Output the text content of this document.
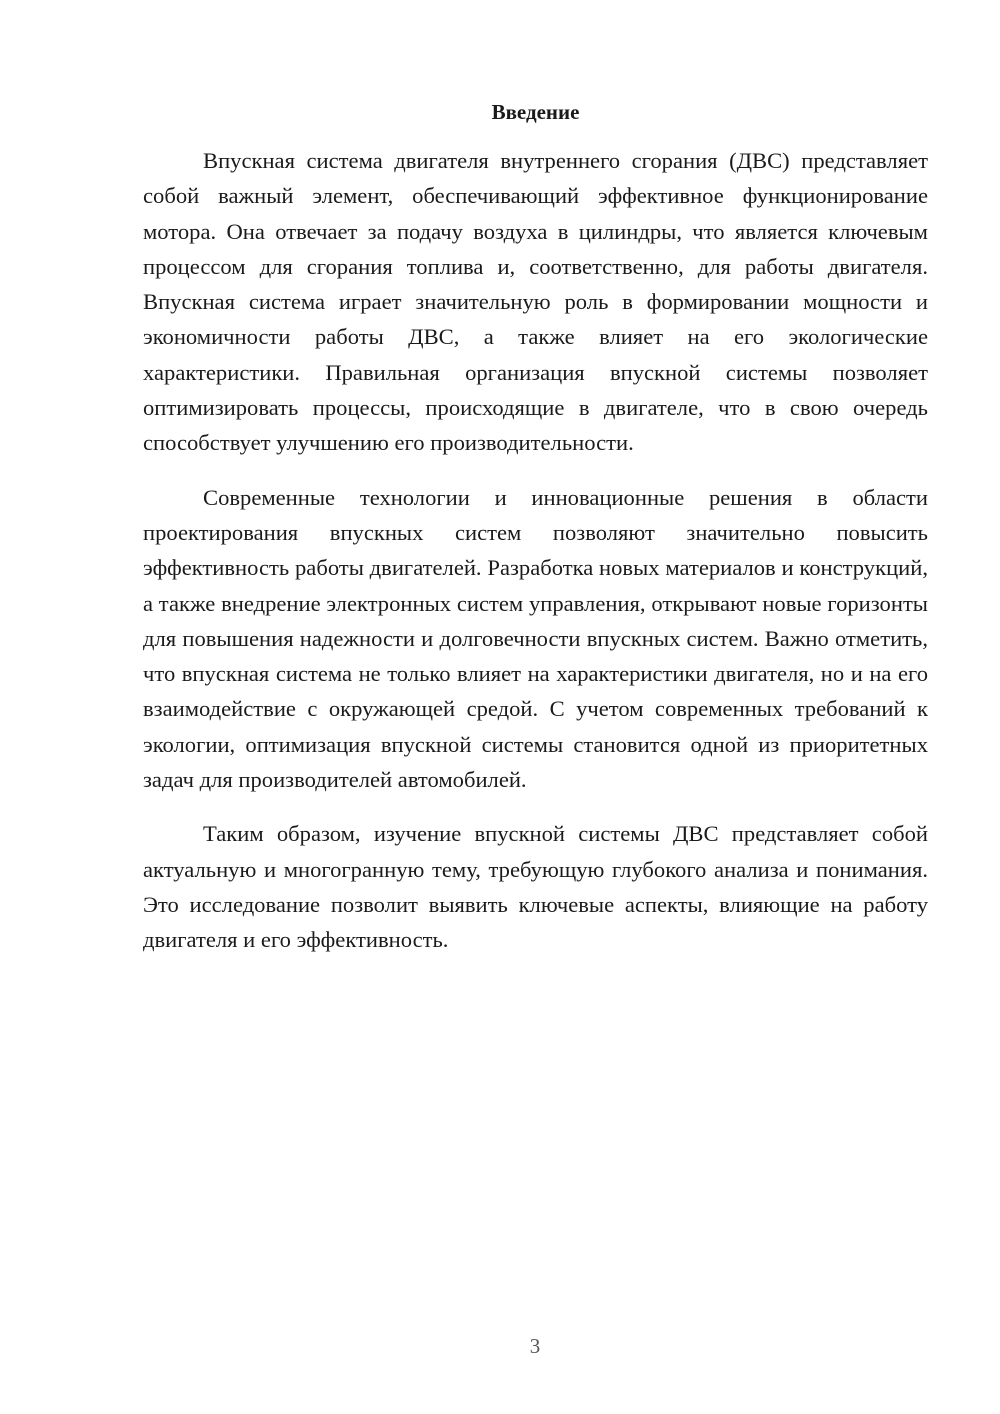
Введение

Впускная система двигателя внутреннего сгорания (ДВС) представляет собой важный элемент, обеспечивающий эффективное функционирование мотора. Она отвечает за подачу воздуха в цилиндры, что является ключевым процессом для сгорания топлива и, соответственно, для работы двигателя. Впускная система играет значительную роль в формировании мощности и экономичности работы ДВС, а также влияет на его экологические характеристики. Правильная организация впускной системы позволяет оптимизировать процессы, происходящие в двигателе, что в свою очередь способствует улучшению его производительности.

Современные технологии и инновационные решения в области проектирования впускных систем позволяют значительно повысить эффективность работы двигателей. Разработка новых материалов и конструкций, а также внедрение электронных систем управления, открывают новые горизонты для повышения надежности и долговечности впускных систем. Важно отметить, что впускная система не только влияет на характеристики двигателя, но и на его взаимодействие с окружающей средой. С учетом современных требований к экологии, оптимизация впускной системы становится одной из приоритетных задач для производителей автомобилей.

Таким образом, изучение впускной системы ДВС представляет собой актуальную и многогранную тему, требующую глубокого анализа и понимания. Это исследование позволит выявить ключевые аспекты, влияющие на работу двигателя и его эффективность.

3
